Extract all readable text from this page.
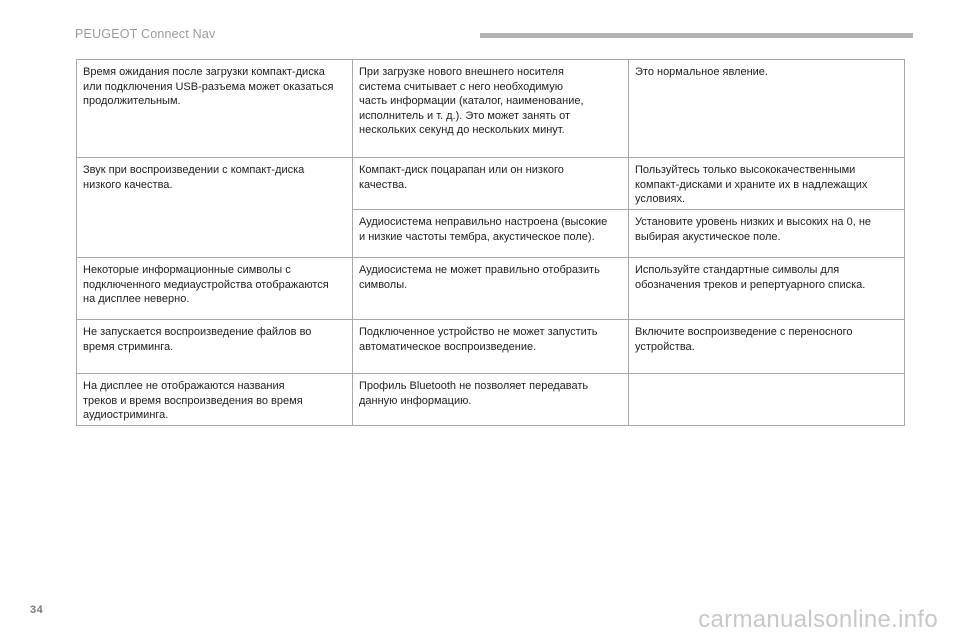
PEUGEOT Connect Nav
Время ожидания после загрузки компакт-диска
или подключения USB-разъема может оказаться
продолжительным.	При загрузке нового внешнего носителя
система считывает с него необходимую
часть информации (каталог, наименование,
исполнитель и т. д.). Это может занять от
нескольких секунд до нескольких минут.	Это нормальное явление.
Звук при воспроизведении с компакт-диска
низкого качества.	Компакт-диск поцарапан или он низкого
качества.	Пользуйтесь только высококачественными
компакт-дисками и храните их в надлежащих
условиях.
	Аудиосистема неправильно настроена (высокие
и низкие частоты тембра, акустическое поле).	Установите уровень низких и высоких на 0, не
выбирая акустическое поле.
Некоторые информационные символы с
подключенного медиаустройства отображаются
на дисплее неверно.	Аудиосистема не может правильно отобразить
символы.	Используйте стандартные символы для
обозначения треков и репертуарного списка.
Не запускается воспроизведение файлов во
время стриминга.	Подключенное устройство не может запустить
автоматическое воспроизведение.	Включите воспроизведение с переносного
устройства.
На дисплее не отображаются названия
треков и время воспроизведения во время
аудиостриминга.	Профиль Bluetooth не позволяет передавать
данную информацию.	
34	carmanualsonline.info
